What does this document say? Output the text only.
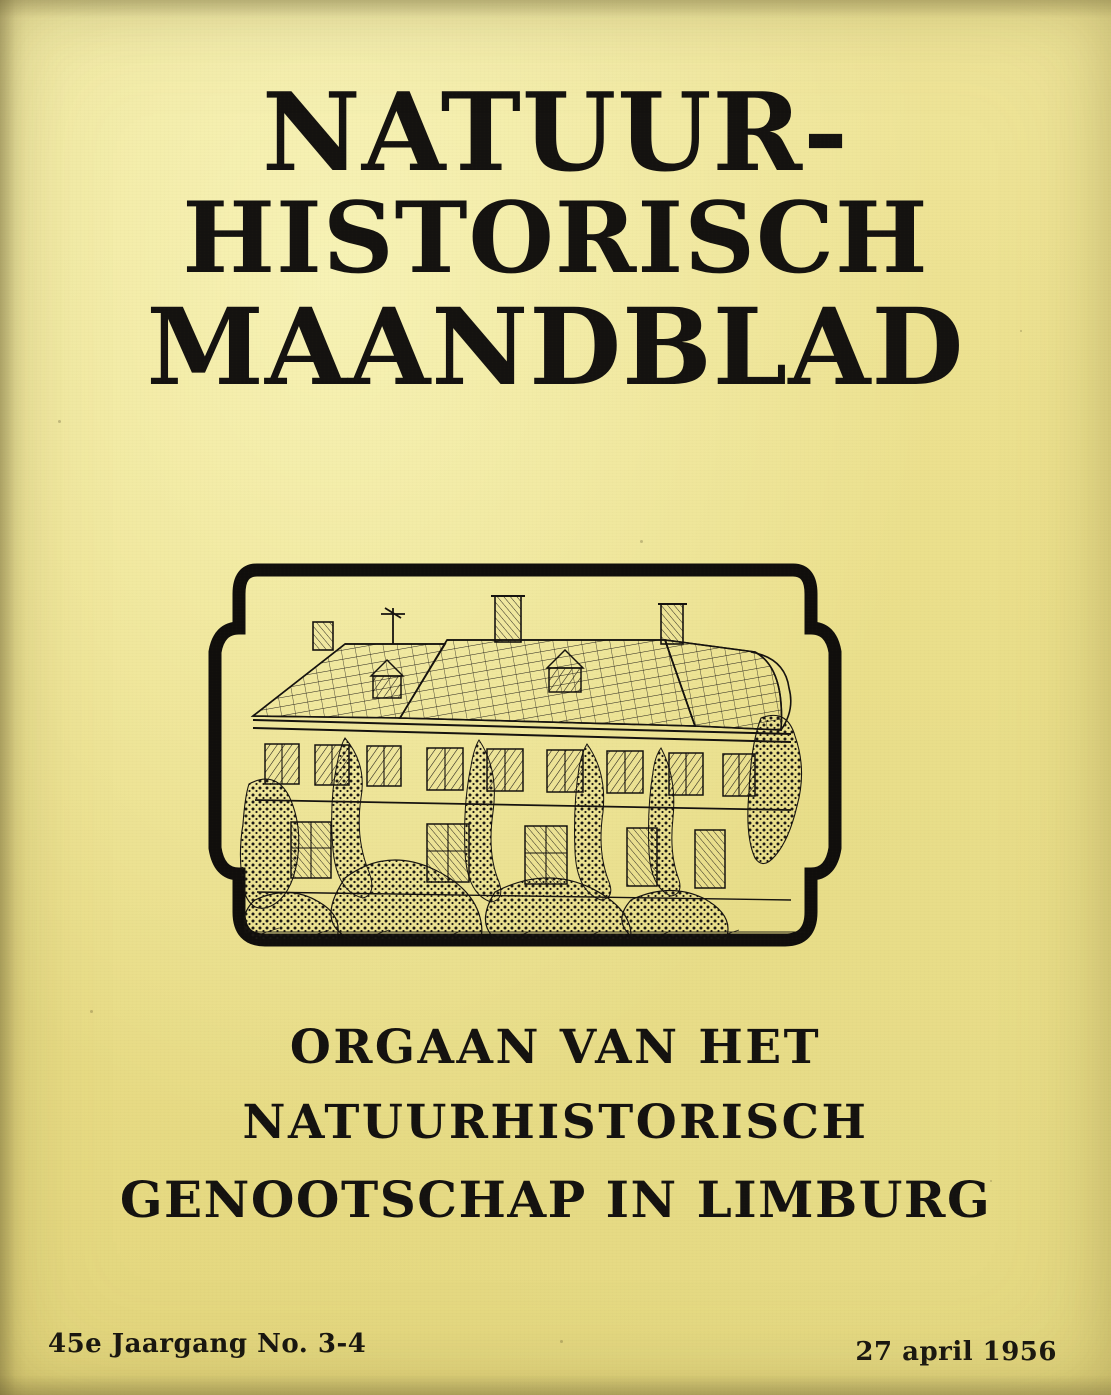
NATUUR-
HISTORISCH
MAANDBLAD
ORGAAN VAN HET
NATUURHISTORISCH
GENOOTSCHAP IN LIMBURG
45e Jaargang No. 3-4	27 april 1956
